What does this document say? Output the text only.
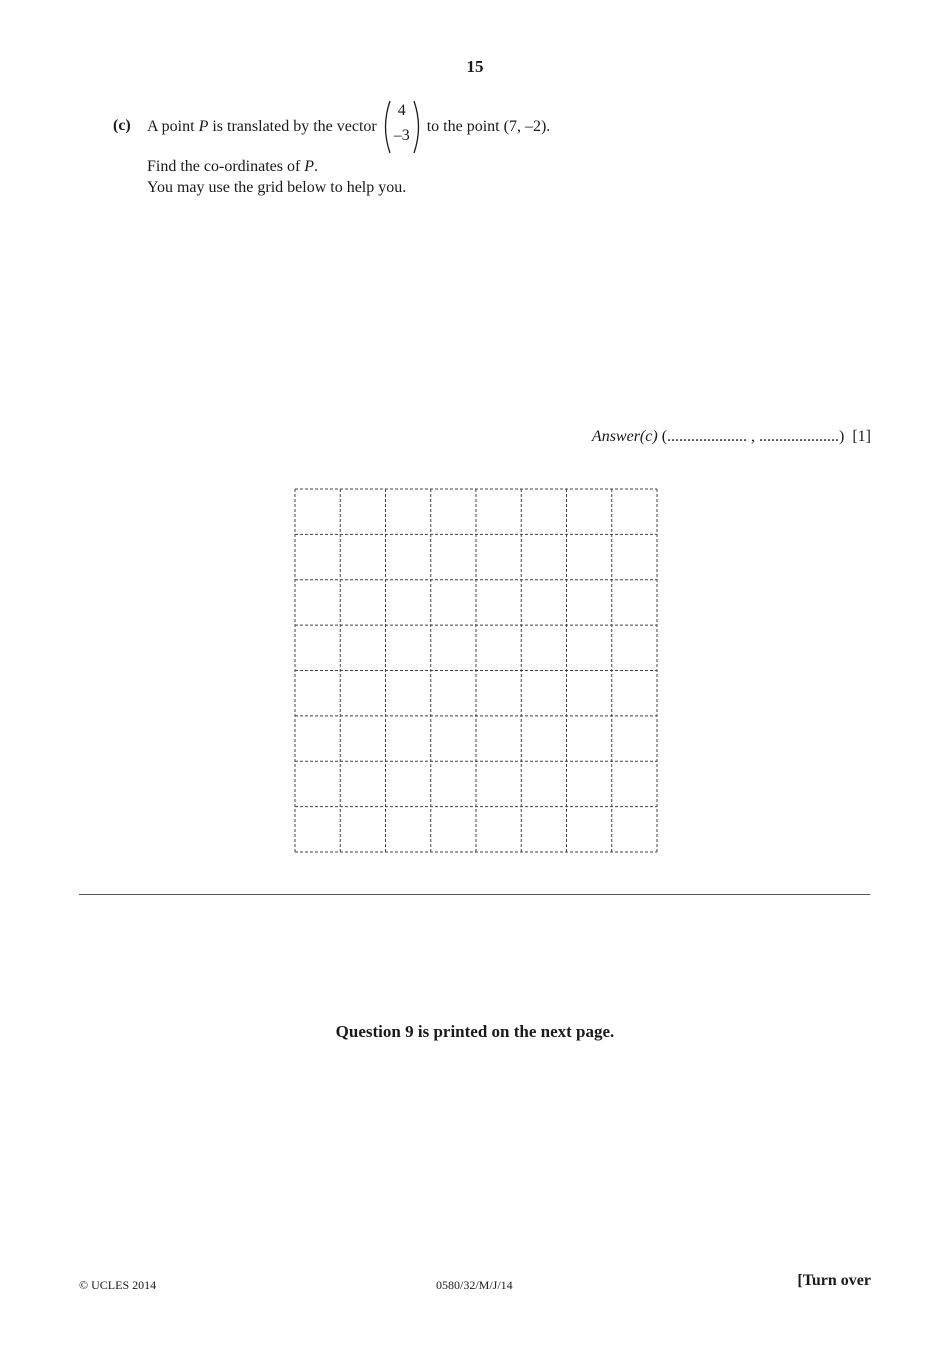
15
(c) A point P is translated by the vector
4
–3
to the point (7, –2).
Find the co-ordinates of P.
You may use the grid below to help you.
Answer(c) (.................... , ....................)  [1]
Question 9 is printed on the next page.
© UCLES 2014	0580/32/M/J/14	[Turn over
